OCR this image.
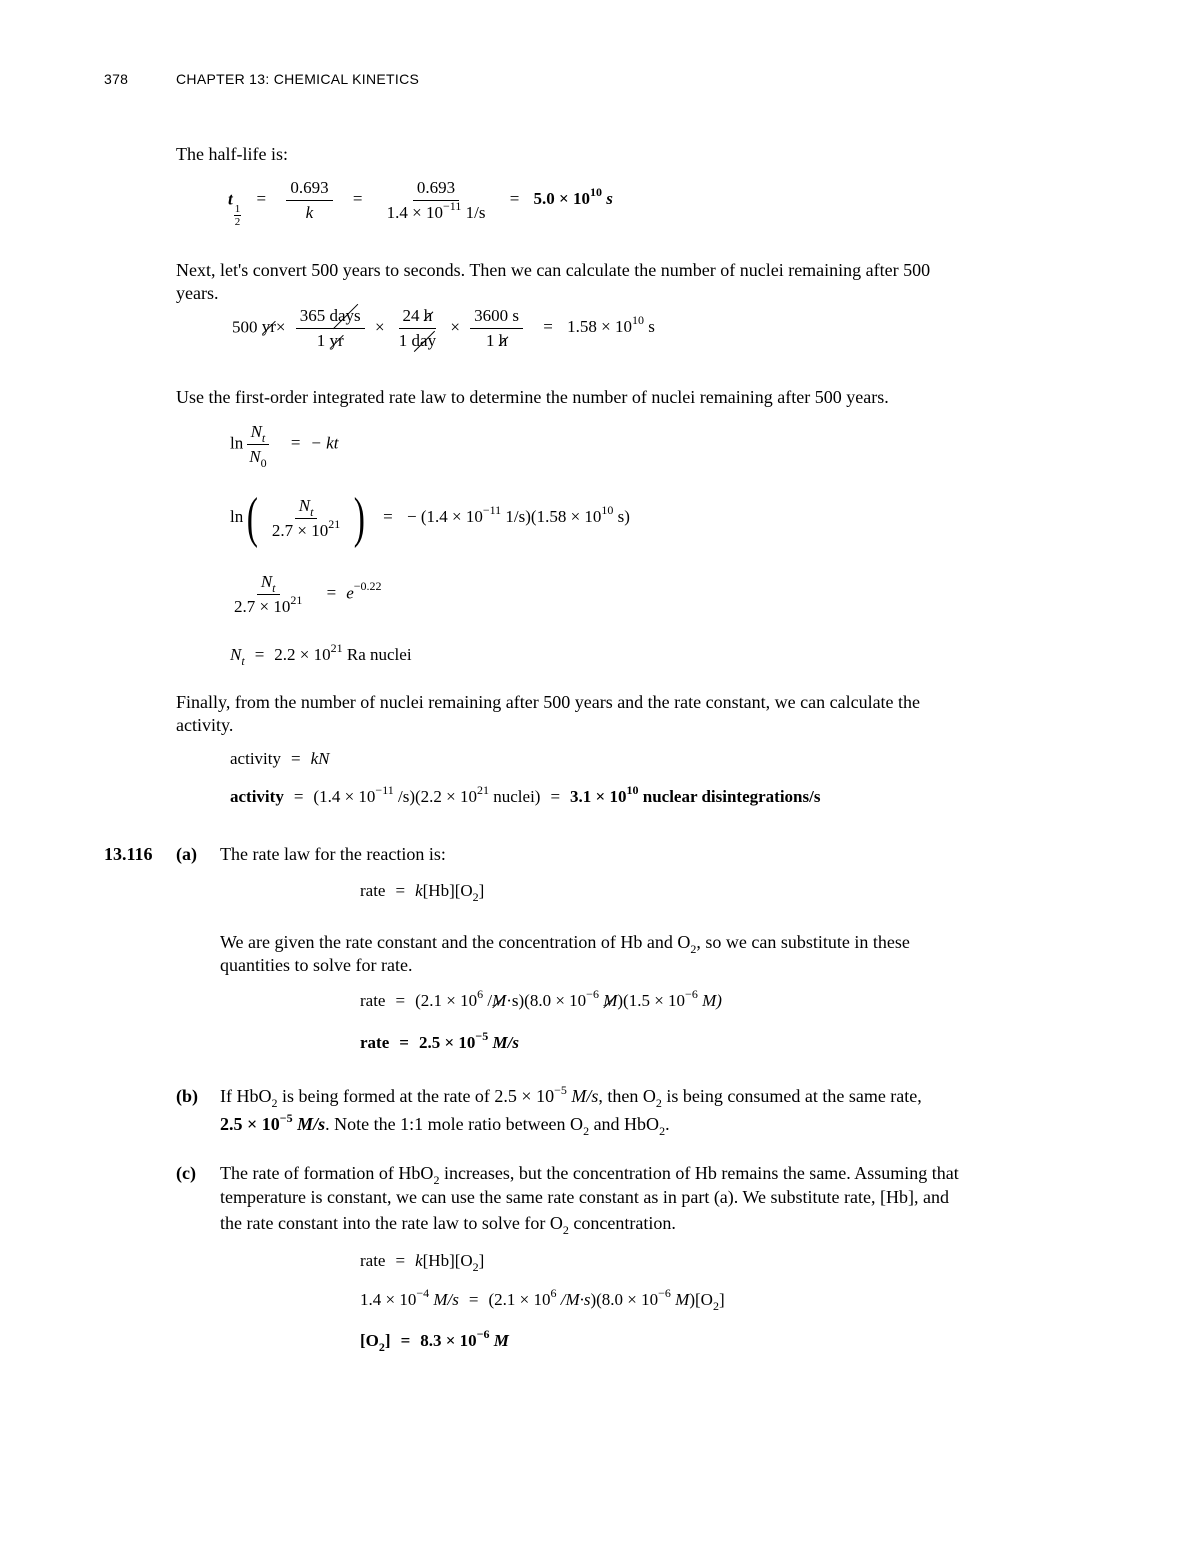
378	CHAPTER 13: CHEMICAL KINETICS
The half-life is:
t
$\frac{1}{2}$
= $\frac{0.693}{k} = \frac{0.693}{1.4 \times 10^{-11} 1/s} = 5.0 \times 10^{10}$ s
Next, let's convert 500 years to seconds. Then we can calculate the number of nuclei remaining after 500
years.
500 $yr\times \frac{\text{365 days}}{1 yr} \times \frac{24 h}{\text{1 day}} \times \frac{3600 s}{1 h} = 1.58 \times 10^{10}$ s
Use the first-order integrated rate law to determine the number of nuclei remaining after 500 years.
$\ln \frac{N_t}{N_0}$ = − kt
$\ln( \frac{N_t}{2.7 \times 10^{21}}$ ) = − ($1.4 \times 10^{-11}$ $1/s)(1.58 \times 10^{10}$ s)
$\frac{N_t}{2.7 \times 10^{21}} = e^{-0.22}$
$N_t = 2.2 \times 10^{21}$ Ra nuclei
Finally, from the number of nuclei remaining after 500 years and the rate constant, we can calculate the
activity.
activity = kN
activity = ($1.4 \times 10^{-11}$ $/s)(2.2 \times 10^{21}$ nuclei) = $3.1 \times 10^{10}$ nuclear disintegrations/s
13.116 (a) The rate law for the reaction is:
rate = $k[Hb][O_2]$
We are given the rate constant and the concentration of Hb and $O_2$, so we can substitute in these
quantities to solve for rate.
rate = ($2.1 \times 10^6$ $/M\cdot s)(8.0 \times 10^{-6}$ $M)(1.5 \times 10^{-6}$ M)
rate = $2.5 \times 10^{-5}$ M/s
(b) If HbO$_2$ is being formed at the rate of $2.5 \times 10^{-5}$ M/s, then $O_2$ is being consumed at the same rate,
$2.5 \times 10^{-5}$ M/s. Note the 1:1 mole ratio between $O_2$ and HbO$_2$.
(c) The rate of formation of HbO$_2$ increases, but the concentration of Hb remains the same. Assuming that
temperature is constant, we can use the same rate constant as in part (a). We substitute rate, [Hb], and
the rate constant into the rate law to solve for $O_2$ concentration.
rate = $k[Hb][O_2]$
$1.4 \times 10^{-4}$ $M/s = (2.1 \times 10^6$ $/M\cdot s)(8.0 \times 10^{-6}$ $M)[O_2]$
$[O_2] = 8.3 \times 10^{-6}$ M
